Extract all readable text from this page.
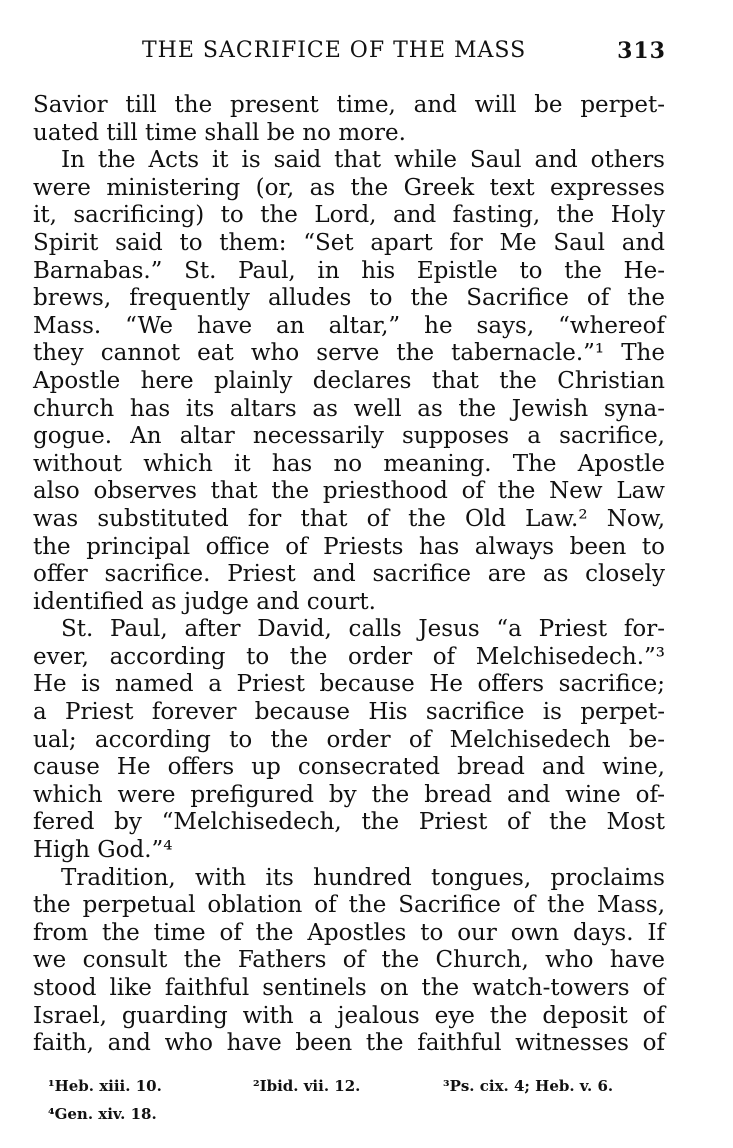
THE SACRIFICE OF THE MASS	313
Savior till the present time, and will be perpet-
uated till time shall be no more.
In the Acts it is said that while Saul and others
were ministering (or, as the Greek text expresses
it, sacrificing) to the Lord, and fasting, the Holy
Spirit said to them: “Set apart for Me Saul and
Barnabas.” St. Paul, in his Epistle to the He-
brews, frequently alludes to the Sacrifice of the
Mass. “We have an altar,” he says, “whereof
they cannot eat who serve the tabernacle.”¹ The
Apostle here plainly declares that the Christian
church has its altars as well as the Jewish syna-
gogue. An altar necessarily supposes a sacrifice,
without which it has no meaning. The Apostle
also observes that the priesthood of the New Law
was substituted for that of the Old Law.² Now,
the principal office of Priests has always been to
offer sacrifice. Priest and sacrifice are as closely
identified as judge and court.
St. Paul, after David, calls Jesus “a Priest for-
ever, according to the order of Melchisedech.”³
He is named a Priest because He offers sacrifice;
a Priest forever because His sacrifice is perpet-
ual; according to the order of Melchisedech be-
cause He offers up consecrated bread and wine,
which were prefigured by the bread and wine of-
fered by “Melchisedech, the Priest of the Most
High God.”⁴
Tradition, with its hundred tongues, proclaims
the perpetual oblation of the Sacrifice of the Mass,
from the time of the Apostles to our own days. If
we consult the Fathers of the Church, who have
stood like faithful sentinels on the watch-towers of
Israel, guarding with a jealous eye the deposit of
faith, and who have been the faithful witnesses of
¹Heb. xiii. 10.	²Ibid. vii. 12.	³Ps. cix. 4; Heb. v. 6.
⁴Gen. xiv. 18.
